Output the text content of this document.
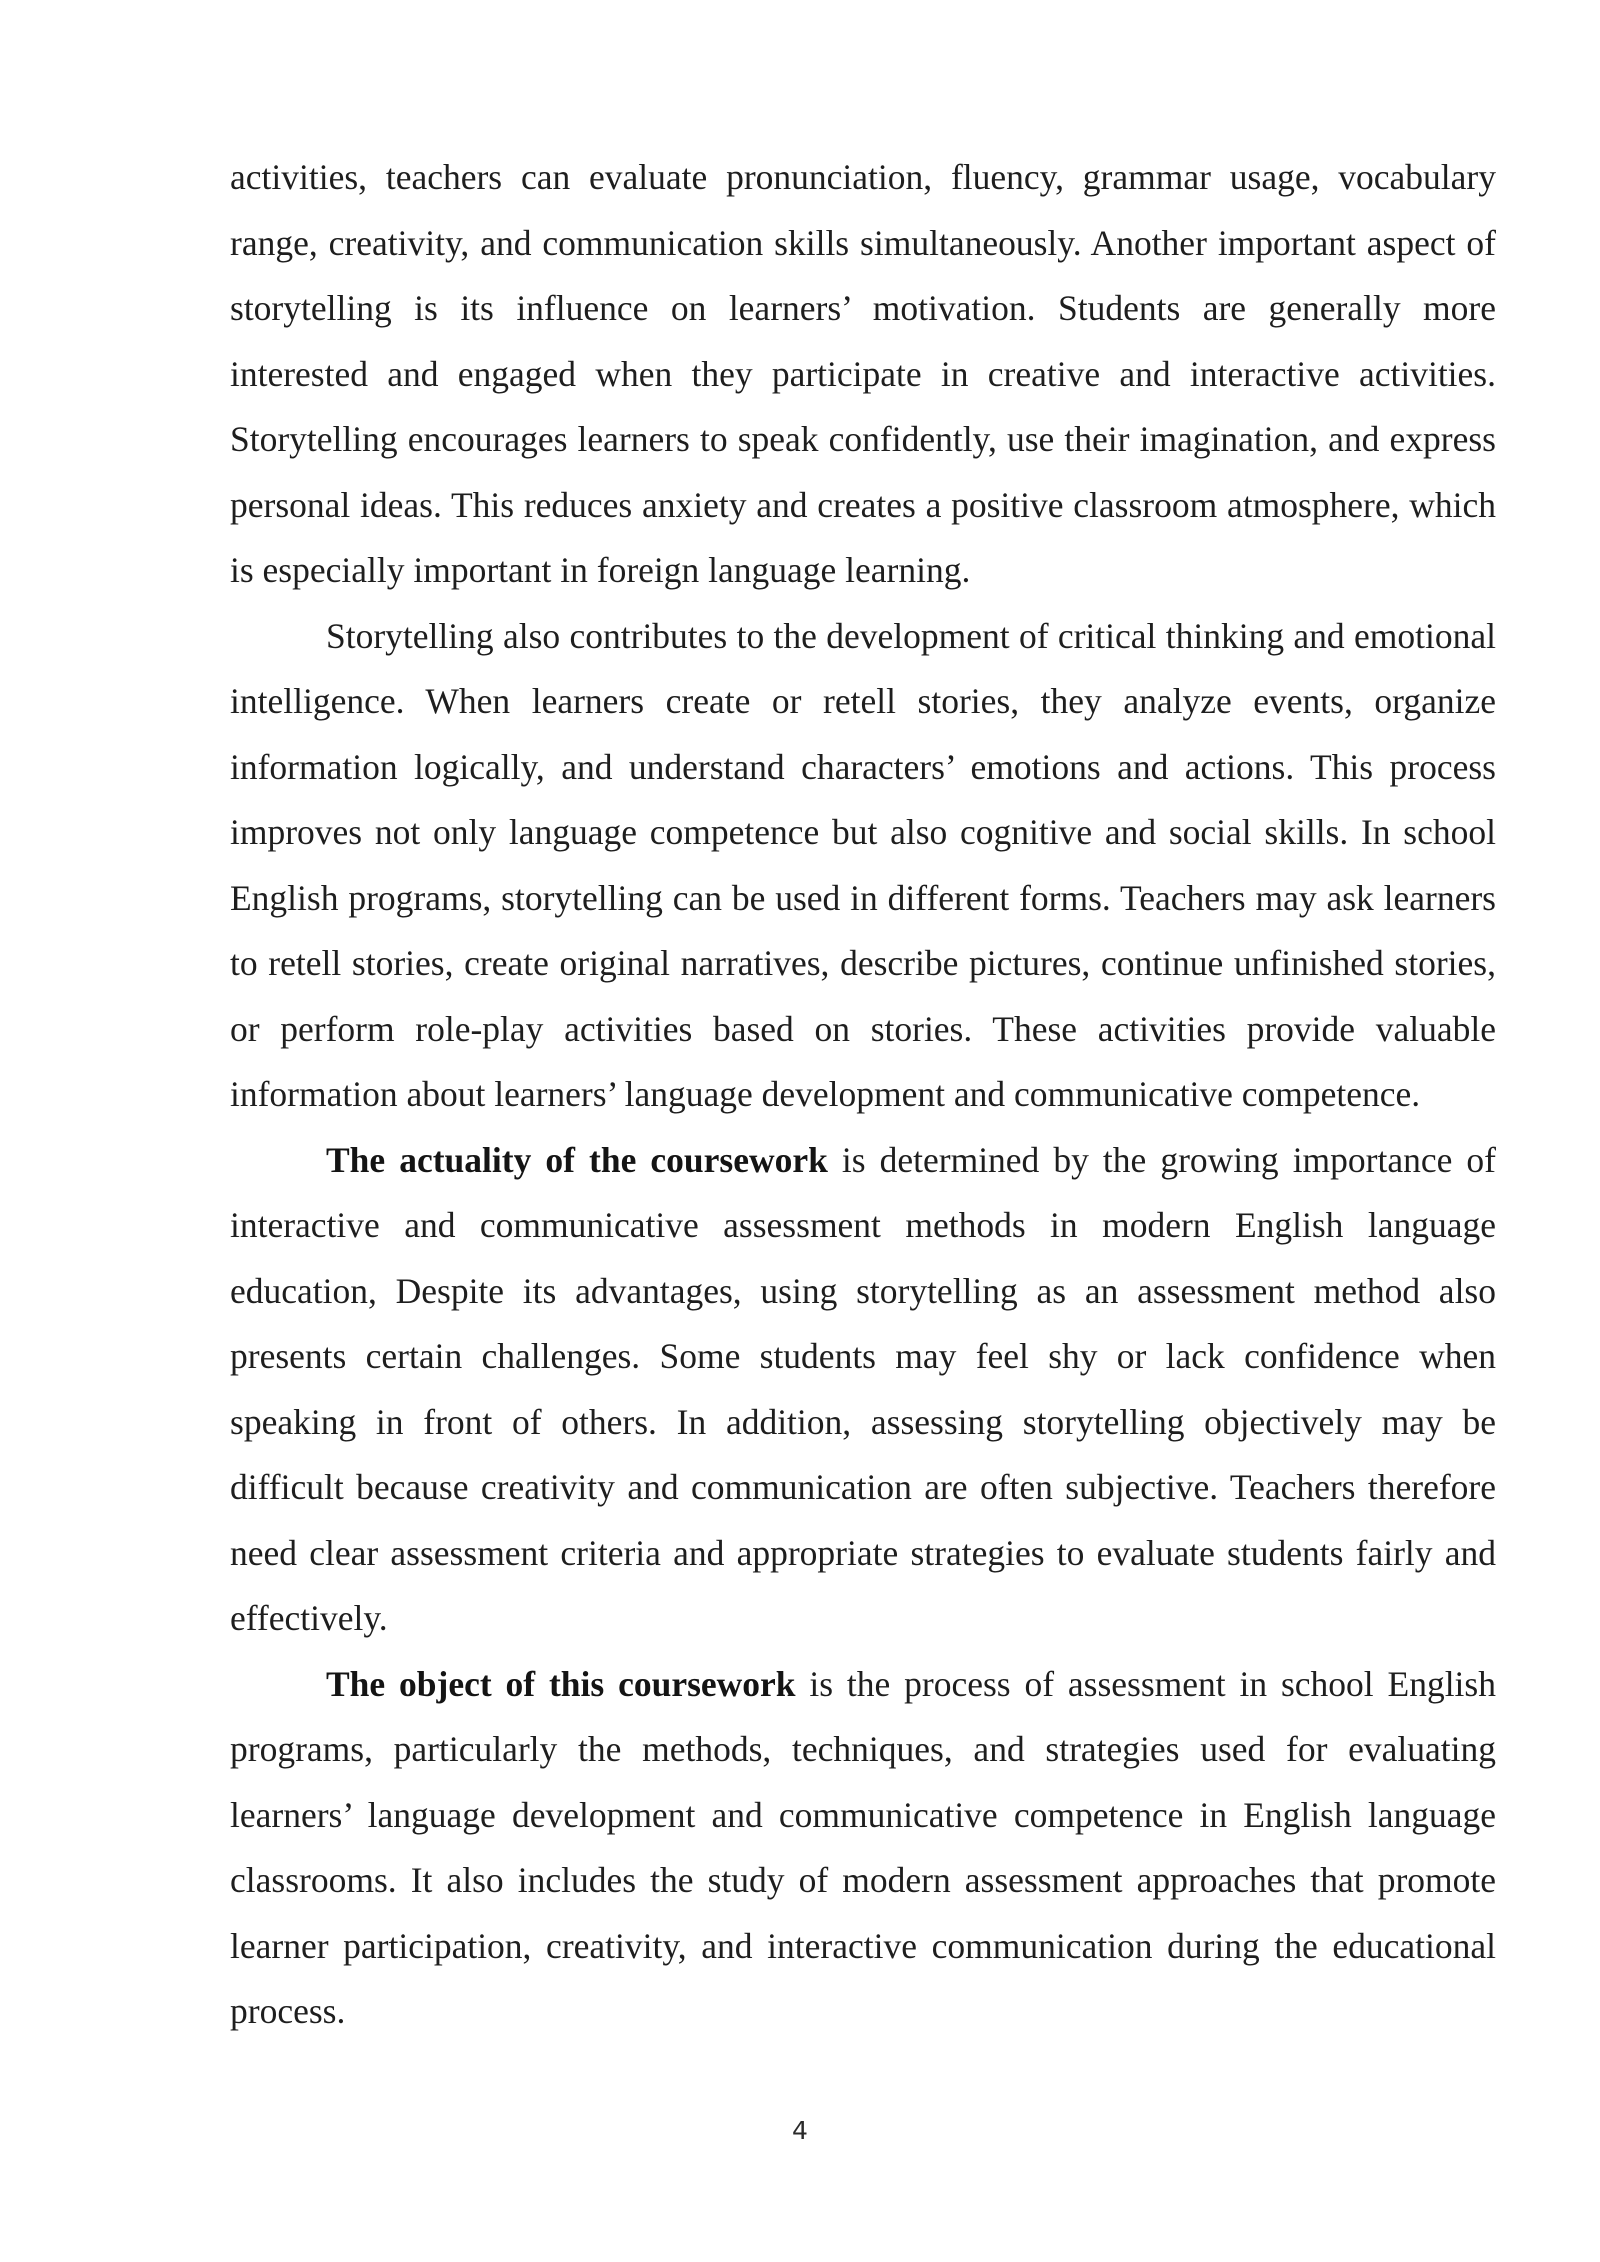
activities, teachers can evaluate pronunciation, fluency, grammar usage, vocabulary range, creativity, and communication skills simultaneously. Another important aspect of storytelling is its influence on learners’ motivation. Students are generally more interested and engaged when they participate in creative and interactive activities. Storytelling encourages learners to speak confidently, use their imagination, and express personal ideas. This reduces anxiety and creates a positive classroom atmosphere, which is especially important in foreign language learning.

Storytelling also contributes to the development of critical thinking and emotional intelligence. When learners create or retell stories, they analyze events, organize information logically, and understand characters’ emotions and actions. This process improves not only language competence but also cognitive and social skills. In school English programs, storytelling can be used in different forms. Teachers may ask learners to retell stories, create original narratives, describe pictures, continue unfinished stories, or perform role-play activities based on stories. These activities provide valuable information about learners’ language development and communicative competence.

The actuality of the coursework is determined by the growing importance of interactive and communicative assessment methods in modern English language education, Despite its advantages, using storytelling as an assessment method also presents certain challenges. Some students may feel shy or lack confidence when speaking in front of others. In addition, assessing storytelling objectively may be difficult because creativity and communication are often subjective. Teachers therefore need clear assessment criteria and appropriate strategies to evaluate students fairly and effectively.

The object of this coursework is the process of assessment in school English programs, particularly the methods, techniques, and strategies used for evaluating learners’ language development and communicative competence in English language classrooms. It also includes the study of modern assessment approaches that promote learner participation, creativity, and interactive communication during the educational process.

4
